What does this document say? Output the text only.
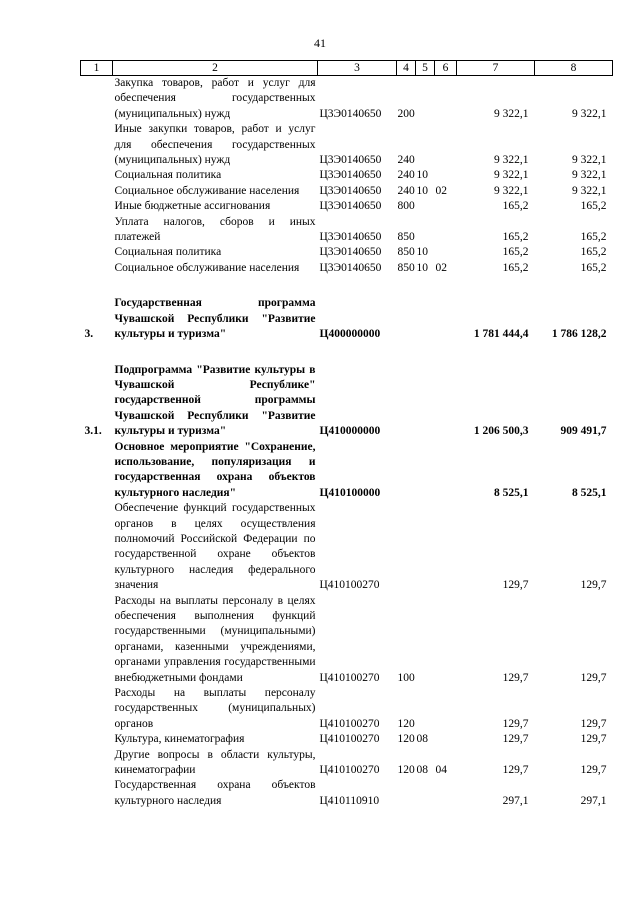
41
1	2	3	4	5	6	7	8
	Закупка товаров, работ и услуг для обеспечения государственных (муниципальных) нужд	Ц3Э0140650	200			9 322,1	9 322,1
	Иные закупки товаров, работ и услуг для обеспечения государственных (муниципальных) нужд	Ц3Э0140650	240			9 322,1	9 322,1
	Социальная политика	Ц3Э0140650	240	10		9 322,1	9 322,1
	Социальное обслуживание населения	Ц3Э0140650	240	10	02	9 322,1	9 322,1
	Иные бюджетные ассигнования	Ц3Э0140650	800			165,2	165,2
	Уплата налогов, сборов и иных платежей	Ц3Э0140650	850			165,2	165,2
	Социальная политика	Ц3Э0140650	850	10		165,2	165,2
	Социальное обслуживание населения	Ц3Э0140650	850	10	02	165,2	165,2

3.	Государственная программа Чувашской Республики "Развитие культуры и туризма"	Ц400000000				1 781 444,4	1 786 128,2

3.1.	Подпрограмма "Развитие культуры в Чувашской Республике" государственной программы Чувашской Республики "Развитие культуры и туризма"	Ц410000000				1 206 500,3	909 491,7
	Основное мероприятие "Сохранение, использование, популяризация и государственная охрана объектов культурного наследия"	Ц410100000				8 525,1	8 525,1
	Обеспечение функций государственных органов в целях осуществления полномочий Российской Федерации по государственной охране объектов культурного наследия федерального значения	Ц410100270				129,7	129,7
	Расходы на выплаты персоналу в целях обеспечения выполнения функций государственными (муниципальными) органами, казенными учреждениями, органами управления государственными внебюджетными фондами	Ц410100270	100			129,7	129,7
	Расходы на выплаты персоналу государственных (муниципальных) органов	Ц410100270	120			129,7	129,7
	Культура, кинематография	Ц410100270	120	08		129,7	129,7
	Другие вопросы в области культуры, кинематографии	Ц410100270	120	08	04	129,7	129,7
	Государственная охрана объектов культурного наследия	Ц410110910				297,1	297,1
